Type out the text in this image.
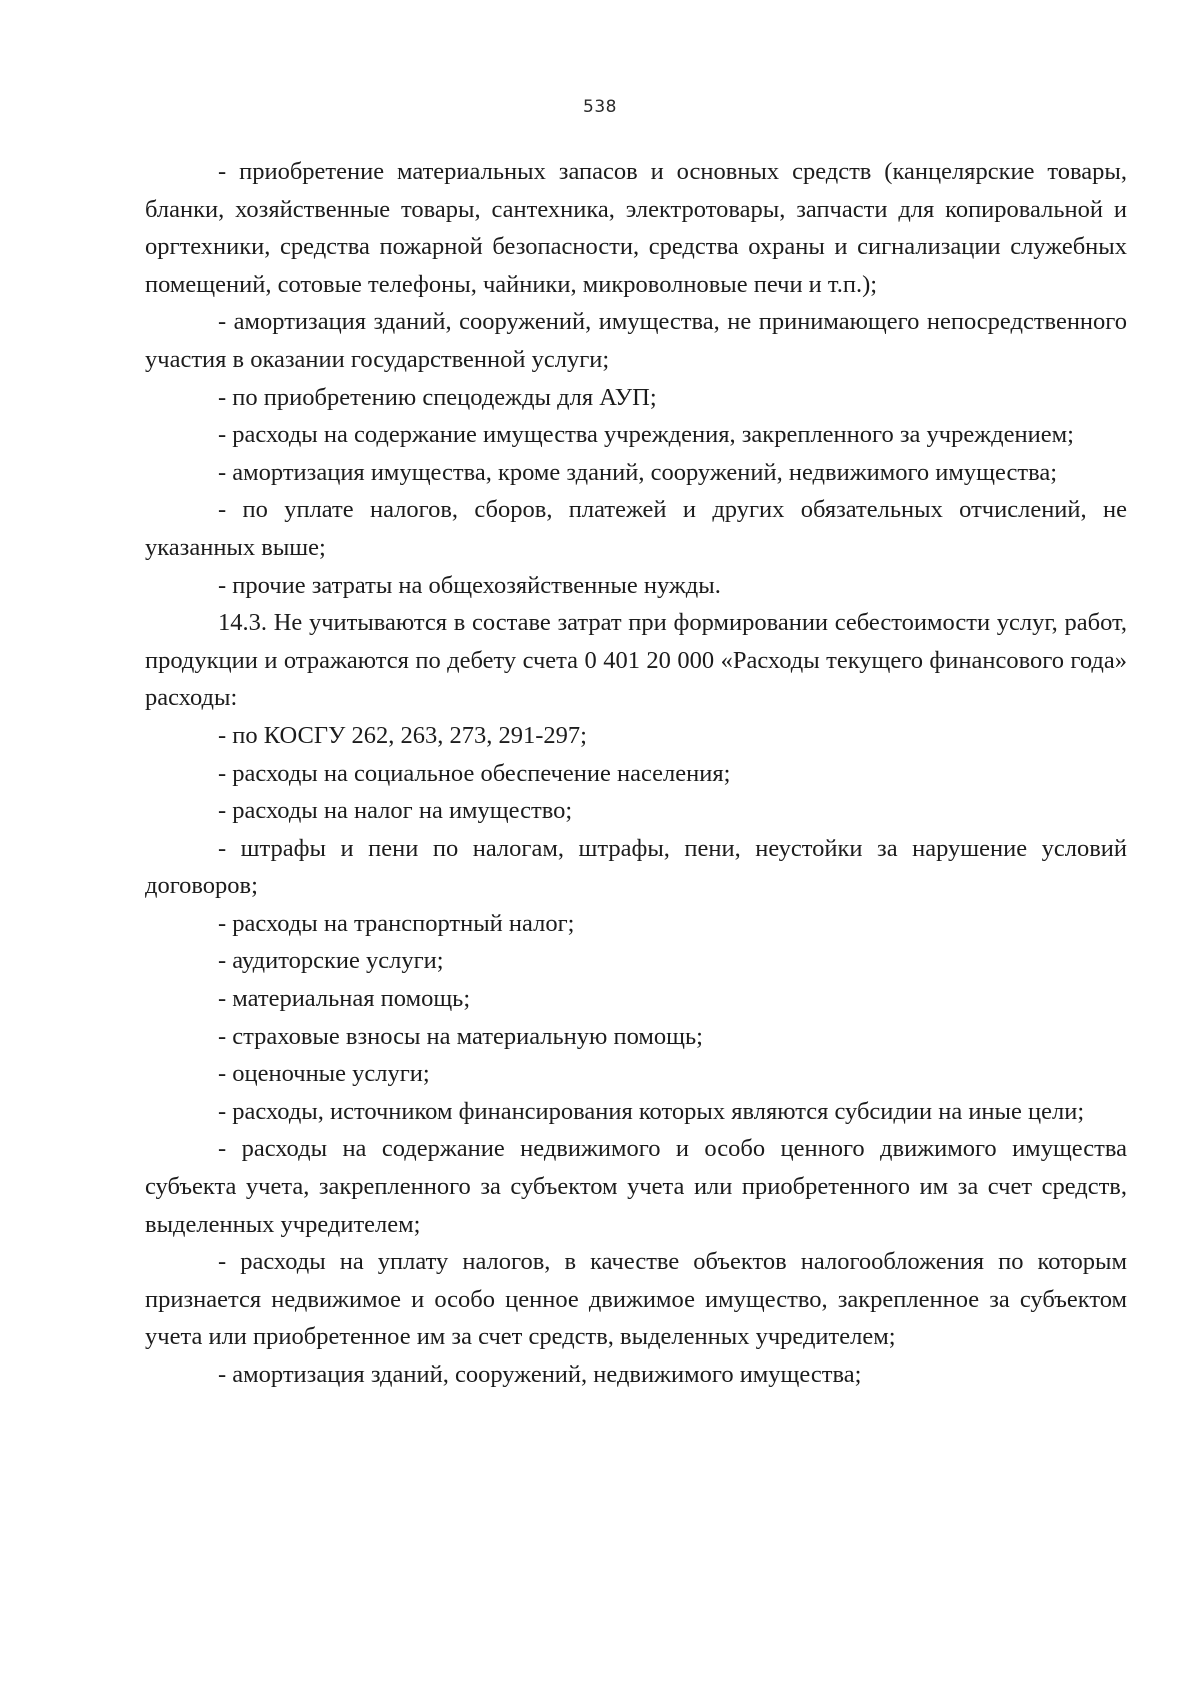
538

- приобретение материальных запасов и основных средств (канцелярские товары, бланки, хозяйственные товары, сантехника, электротовары, запчасти для копировальной и оргтехники, средства пожарной безопасности, средства охраны и сигнализации служебных помещений, сотовые телефоны, чайники, микроволновые печи и т.п.);

- амортизация зданий, сооружений, имущества, не принимающего непосредственного участия в оказании государственной услуги;

- по приобретению спецодежды для АУП;

- расходы на содержание имущества учреждения, закрепленного за учреждением;

- амортизация имущества, кроме зданий, сооружений, недвижимого имущества;

- по уплате налогов, сборов, платежей и других обязательных отчислений, не указанных выше;

- прочие затраты на общехозяйственные нужды.

14.3. Не учитываются в составе затрат при формировании себестоимости услуг, работ, продукции и отражаются по дебету счета 0 401 20 000 «Расходы текущего финансового года» расходы:

- по КОСГУ 262, 263, 273, 291-297;

- расходы на социальное обеспечение населения;

- расходы на налог на имущество;

- штрафы и пени по налогам, штрафы, пени, неустойки за нарушение условий договоров;

- расходы на транспортный налог;

- аудиторские услуги;

- материальная помощь;

- страховые взносы на материальную помощь;

- оценочные услуги;

- расходы, источником финансирования которых являются субсидии на иные цели;

- расходы на содержание недвижимого и особо ценного движимого имущества субъекта учета, закрепленного за субъектом учета или приобретенного им за счет средств, выделенных учредителем;

- расходы на уплату налогов, в качестве объектов налогообложения по которым признается недвижимое и особо ценное движимое имущество, закрепленное за субъектом учета или приобретенное им за счет средств, выделенных учредителем;

- амортизация зданий, сооружений, недвижимого имущества;
